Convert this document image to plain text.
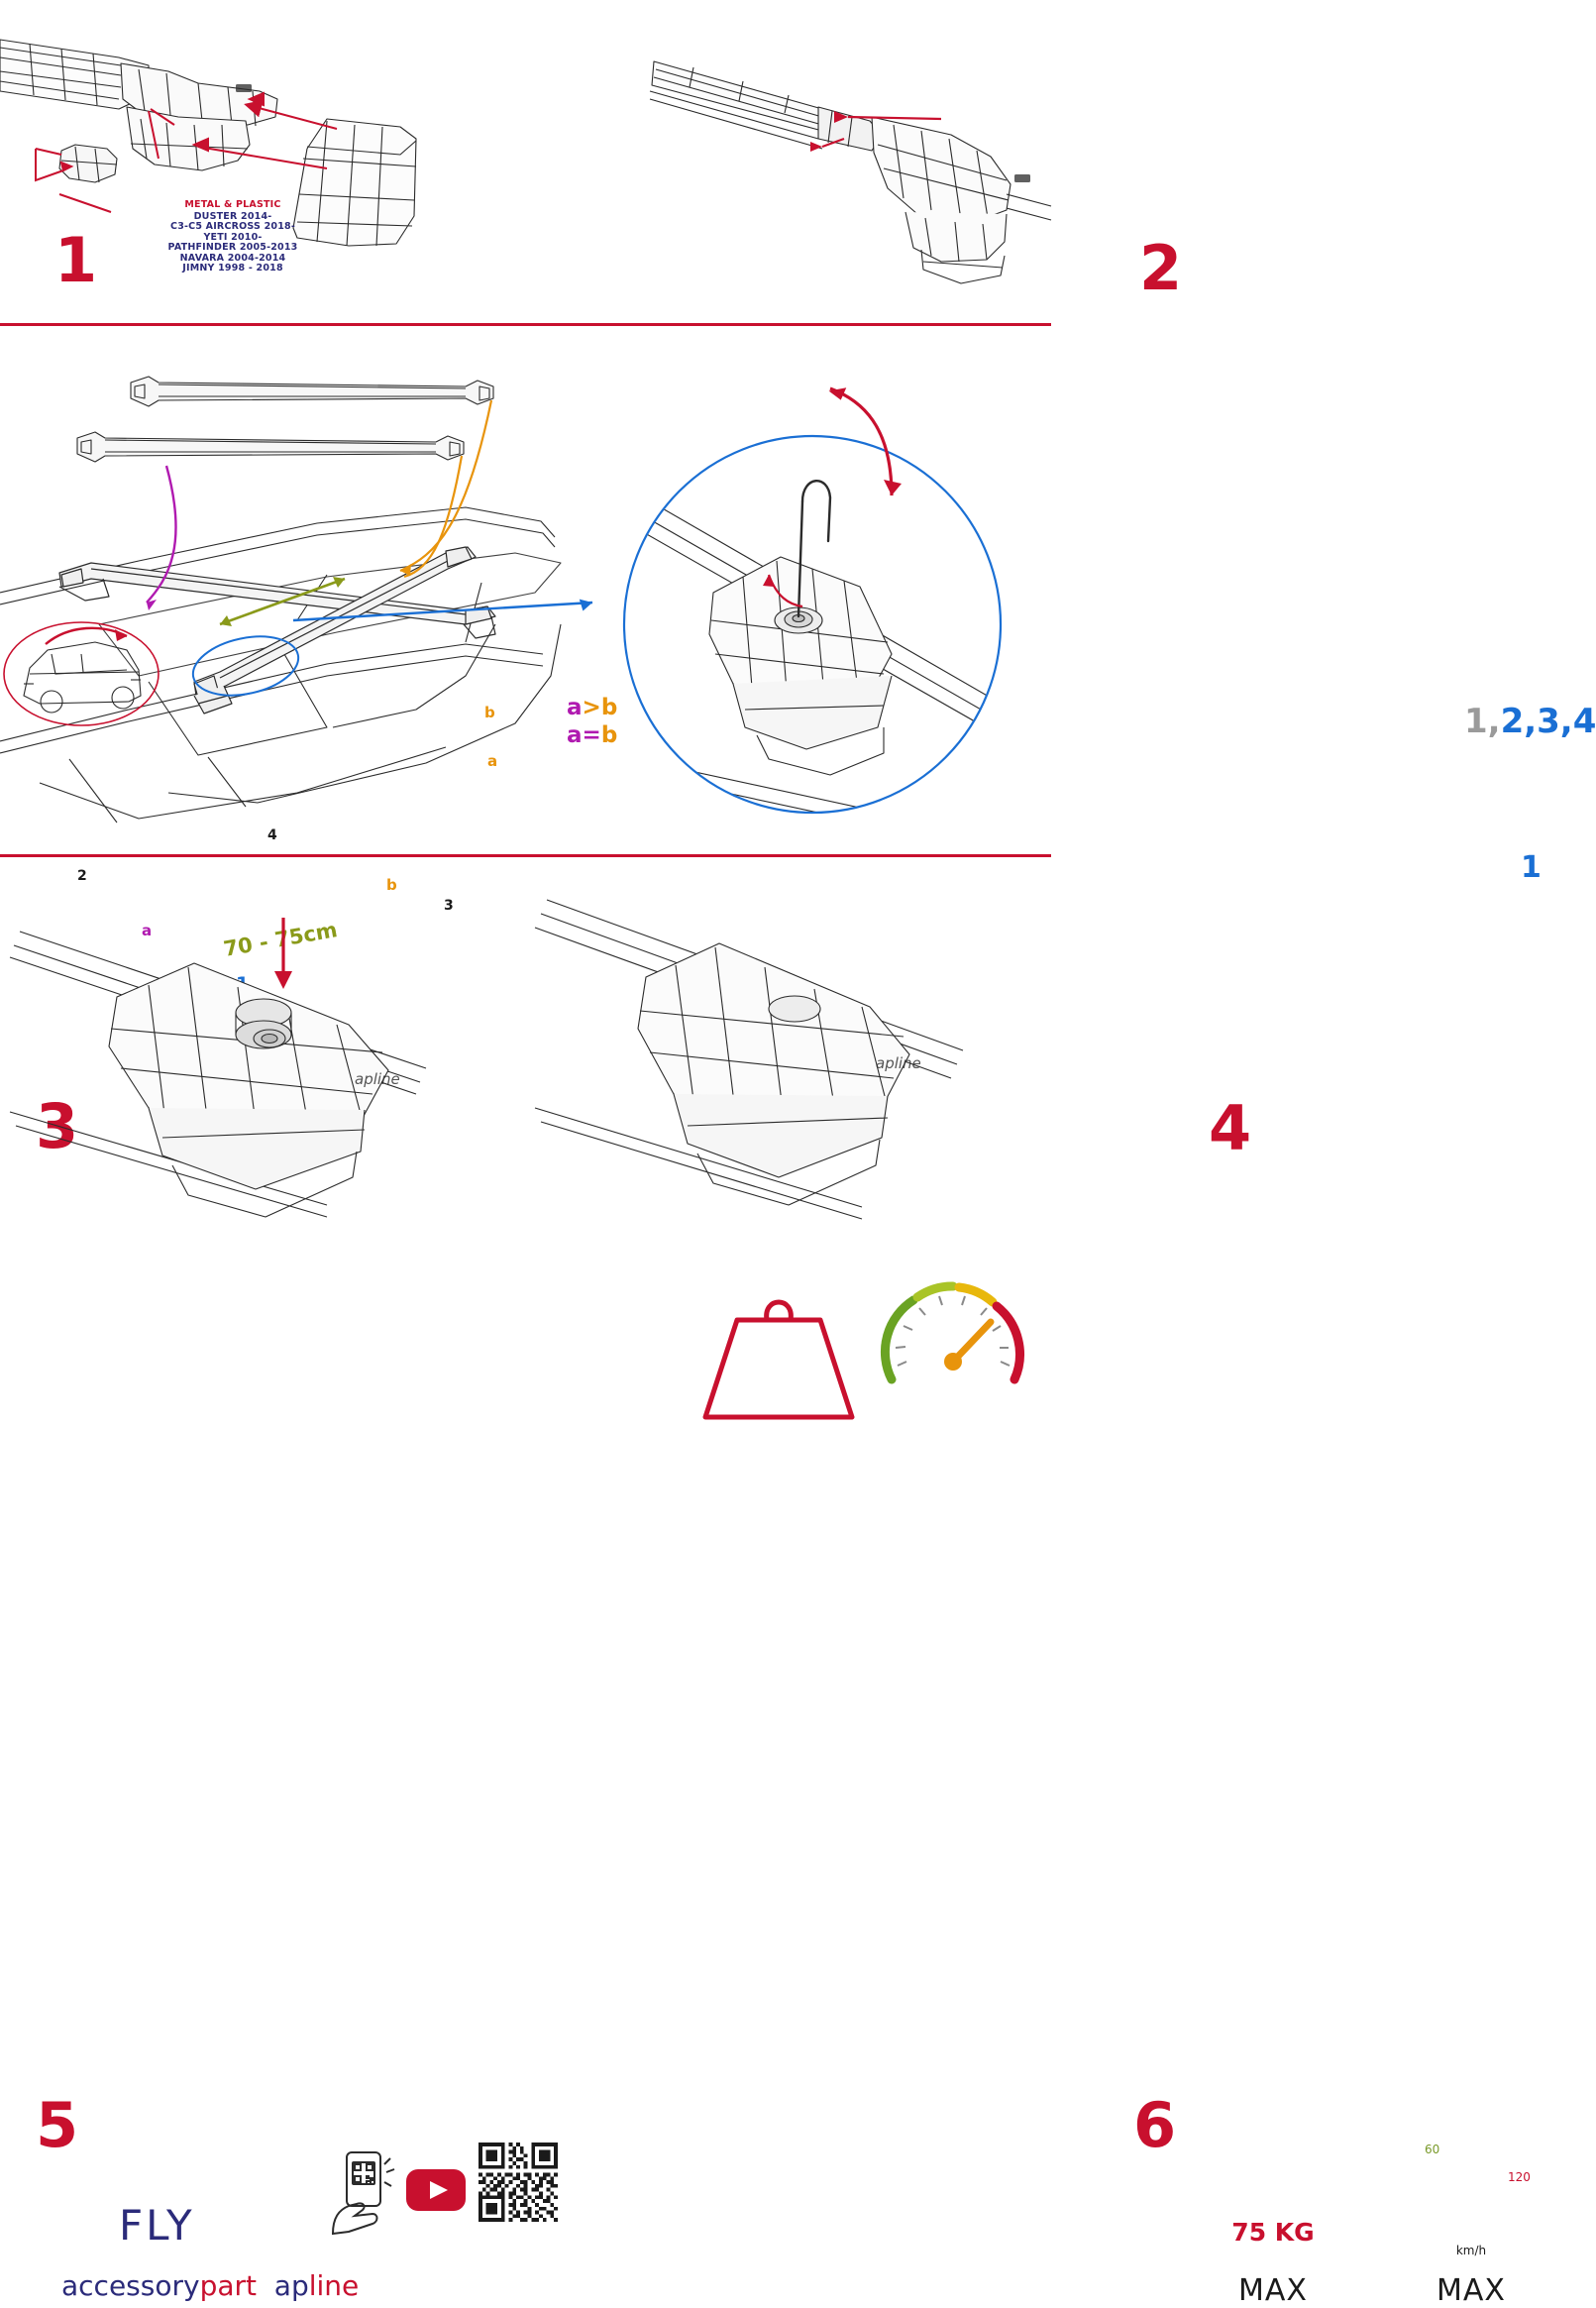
1
METAL & PLASTIC
DUSTER 2014-
C3-C5 AIRCROSS 2018-
YETI 2010-
PATHFINDER 2005-2013
NAVARA 2004-2014
JIMNY 1998 - 2018	2
3
b
a
b
a
2
3
4
70 - 75cm
a>b
a=b
4
1,2,3,4
1
apline
5
FLY
accessorypart apline
apline
6
75 KG
MAX
km/h
MAX
60
120
